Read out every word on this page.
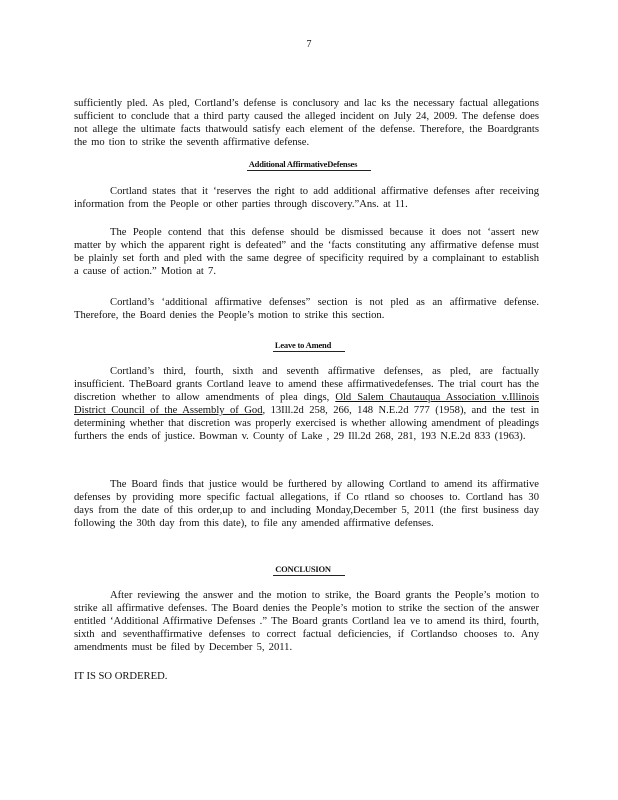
7

sufficiently pled. As pled, Cortland’s defense is conclusory and lac ks the necessary factual allegations sufficient to conclude that a third party caused the alleged incident on July 24, 2009. The defense does not allege the ultimate facts thatwould satisfy each element of the defense. Therefore, the Boardgrants the mo tion to strike the seventh affirmative defense.

Additional AffirmativeDefenses

Cortland states that it ‘reserves the right to add additional affirmative defenses after receiving information from the People or other parties through discovery.”Ans. at 11.

The People contend that this defense should be dismissed because it does not ‘assert new matter by which the apparent right is defeated” and the ‘facts constituting any affirmative defense must be plainly set forth and pled with the same degree of specificity required by a complainant to establish a cause of action.” Motion at 7.

Cortland’s ‘additional affirmative defenses” section is not pled as an affirmative defense. Therefore, the Board denies the People’s motion to strike this section.

Leave to Amend

Cortland’s third, fourth, sixth and seventh affirmative defenses, as pled, are factually insufficient. TheBoard grants Cortland leave to amend these affirmativedefenses. The trial court has the discretion whether to allow amendments of plea dings, Old Salem Chautauqua Association v.Illinois District Council of the Assembly of God, 13Ill.2d 258, 266, 148 N.E.2d 777 (1958), and the test in determining whether that discretion was properly exercised is whether allowing amendment of pleadings furthers the ends of justice. Bowman v. County of Lake , 29 Ill.2d 268, 281, 193 N.E.2d 833 (1963).

The Board finds that justice would be furthered by allowing Cortland to amend its affirmative defenses by providing more specific factual allegations, if Co rtland so chooses to. Cortland has 30 days from the date of this order,up to and including Monday,December 5, 2011 (the first business day following the 30th day from this date), to file any amended affirmative defenses.

CONCLUSION

After reviewing the answer and the motion to strike, the Board grants the People’s motion to strike all affirmative defenses. The Board denies the People’s motion to strike the section of the answer entitled ‘Additional Affirmative Defenses .” The Board grants Cortland lea ve to amend its third, fourth, sixth and seventhaffirmative defenses to correct factual deficiencies, if Cortlandso chooses to. Any amendments must be filed by December 5, 2011.

IT IS SO ORDERED.
